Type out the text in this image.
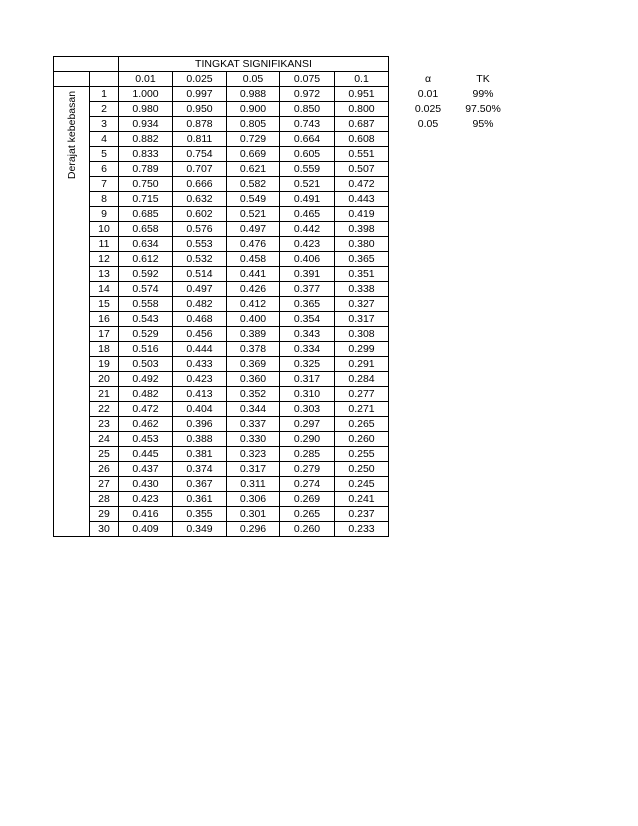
		TINGKAT SIGNIFIKANSI				
		0.01	0.025	0.05	0.075	0.1

Derajat kebebasan	1	1.000	0.997	0.988	0.972	0.951
	2	0.980	0.950	0.900	0.850	0.800
	3	0.934	0.878	0.805	0.743	0.687
	4	0.882	0.811	0.729	0.664	0.608
	5	0.833	0.754	0.669	0.605	0.551
	6	0.789	0.707	0.621	0.559	0.507
	7	0.750	0.666	0.582	0.521	0.472
	8	0.715	0.632	0.549	0.491	0.443
	9	0.685	0.602	0.521	0.465	0.419
	10	0.658	0.576	0.497	0.442	0.398
	11	0.634	0.553	0.476	0.423	0.380
	12	0.612	0.532	0.458	0.406	0.365
	13	0.592	0.514	0.441	0.391	0.351
	14	0.574	0.497	0.426	0.377	0.338
	15	0.558	0.482	0.412	0.365	0.327
	16	0.543	0.468	0.400	0.354	0.317
	17	0.529	0.456	0.389	0.343	0.308
	18	0.516	0.444	0.378	0.334	0.299
	19	0.503	0.433	0.369	0.325	0.291
	20	0.492	0.423	0.360	0.317	0.284
	21	0.482	0.413	0.352	0.310	0.277
	22	0.472	0.404	0.344	0.303	0.271
	23	0.462	0.396	0.337	0.297	0.265
	24	0.453	0.388	0.330	0.290	0.260
	25	0.445	0.381	0.323	0.285	0.255
	26	0.437	0.374	0.317	0.279	0.250
	27	0.430	0.367	0.311	0.274	0.245
	28	0.423	0.361	0.306	0.269	0.241
	29	0.416	0.355	0.301	0.265	0.237
	30	0.409	0.349	0.296	0.260	0.233
α	TK
0.01	99%
0.025	97.50%
0.05	95%
